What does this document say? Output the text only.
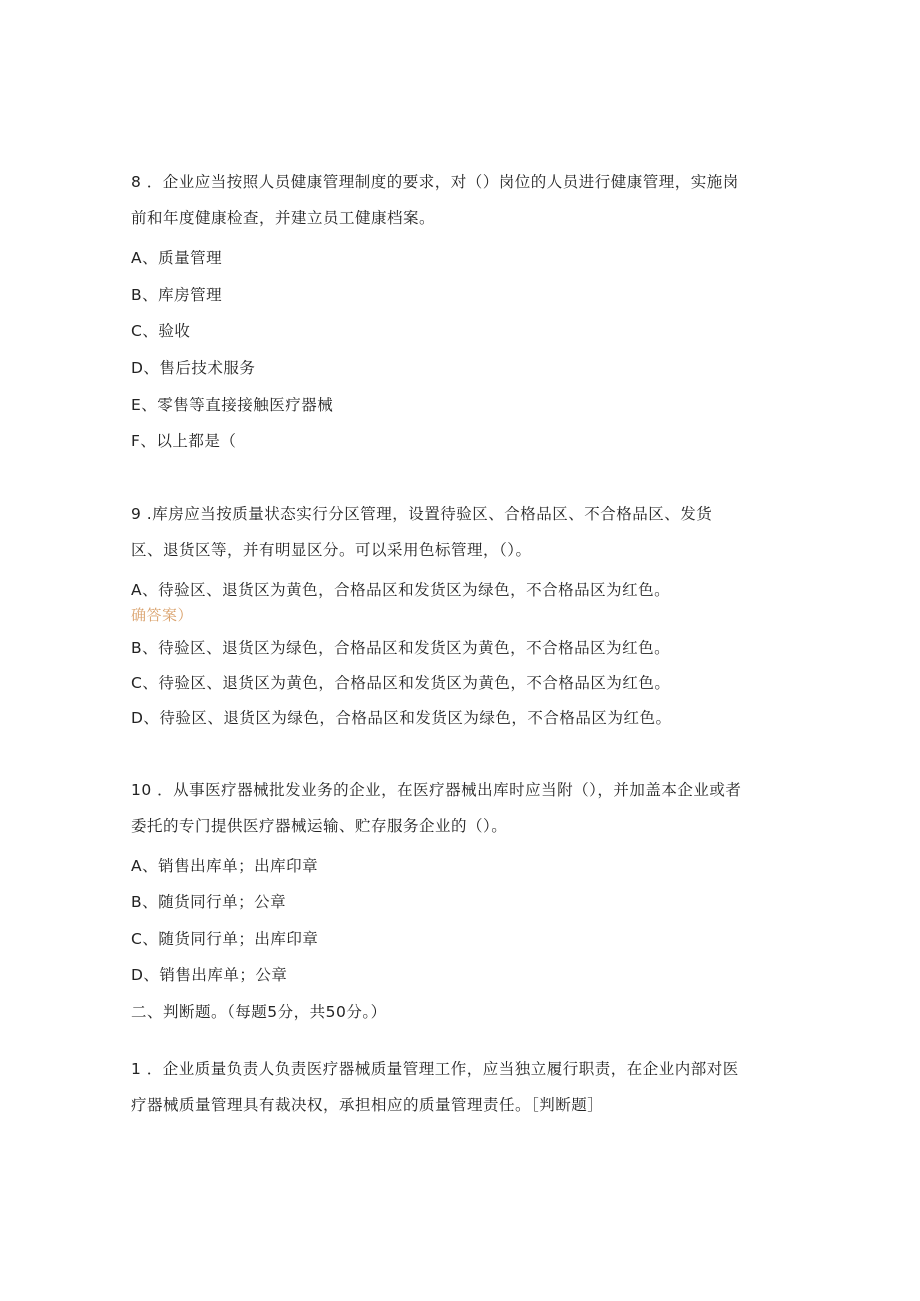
8 ．企业应当按照人员健康管理制度的要求，对（）岗位的人员进行健康管理，实施岗
前和年度健康检查，并建立员工健康档案。
A、质量管理
B、库房管理
C、验收
D、售后技术服务
E、零售等直接接触医疗器械
F、以上都是（
9 .库房应当按质量状态实行分区管理，设置待验区、合格品区、不合格品区、发货
区、退货区等，并有明显区分。可以采用色标管理，（）。
A、待验区、退货区为黄色，合格品区和发货区为绿色，不合格品区为红色。
确答案）
B、待验区、退货区为绿色，合格品区和发货区为黄色，不合格品区为红色。
C、待验区、退货区为黄色，合格品区和发货区为黄色，不合格品区为红色。
D、待验区、退货区为绿色，合格品区和发货区为绿色，不合格品区为红色。
10 ．从事医疗器械批发业务的企业，在医疗器械出库时应当附（），并加盖本企业或者
委托的专门提供医疗器械运输、贮存服务企业的（）。
A、销售出库单；出库印章
B、随货同行单；公章
C、随货同行单；出库印章
D、销售出库单；公章
二、判断题。（每题5分，共50分。）
1 ．企业质量负责人负责医疗器械质量管理工作，应当独立履行职责，在企业内部对医
疗器械质量管理具有裁决权，承担相应的质量管理责任。［判断题］
